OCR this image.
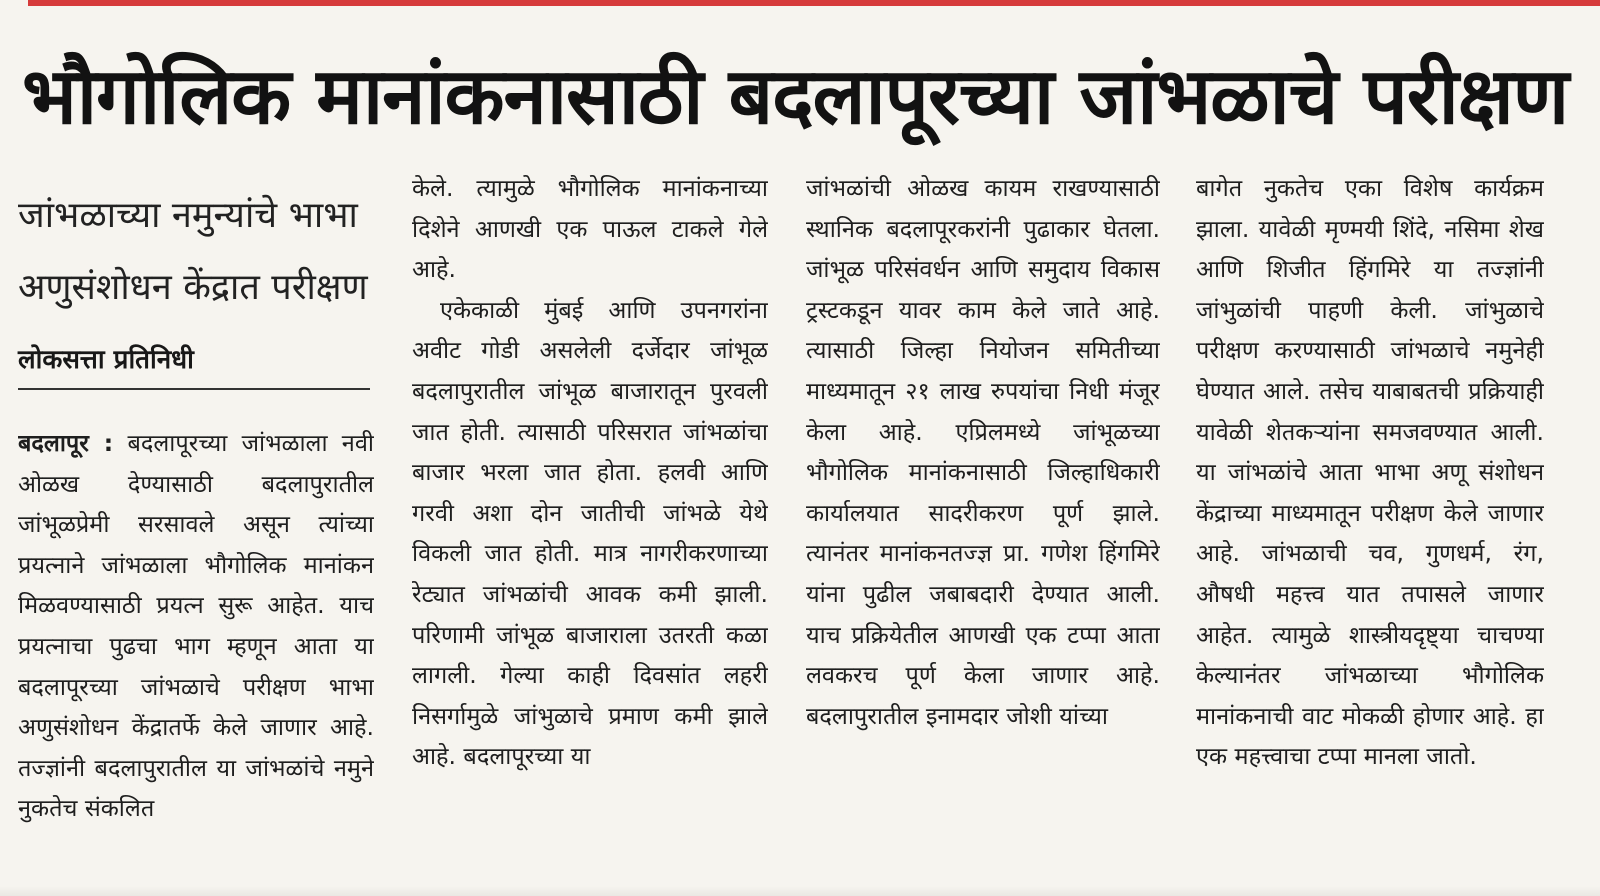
भौगोलिक मानांकनासाठी बदलापूरच्या जांभळाचे परीक्षण
जांभळाच्या नमुन्यांचे भाभा अणुसंशोधन केंद्रात परीक्षण
लोकसत्ता प्रतिनिधी

बदलापूर : बदलापूरच्या जांभळाला नवी ओळख देण्यासाठी बदलापुरातील जांभूळप्रेमी सरसावले असून त्यांच्या प्रयत्नाने जांभळाला भौगोलिक मानांकन मिळवण्यासाठी प्रयत्न सुरू आहेत. याच प्रयत्नाचा पुढचा भाग म्हणून आता या बदलापूरच्या जांभळाचे परीक्षण भाभा अणुसंशोधन केंद्रातर्फे केले जाणार आहे. तज्ज्ञांनी बदलापुरातील या जांभळांचे नमुने नुकतेच संकलित

केले. त्यामुळे भौगोलिक मानांकनाच्या दिशेने आणखी एक पाऊल टाकले गेले आहे.

एकेकाळी मुंबई आणि उपनगरांना अवीट गोडी असलेली दर्जेदार जांभूळ बदलापुरातील जांभूळ बाजारातून पुरवली जात होती. त्यासाठी परिसरात जांभळांचा बाजार भरला जात होता. हलवी आणि गरवी अशा दोन जातीची जांभळे येथे विकली जात होती. मात्र नागरीकरणाच्या रेट्यात जांभळांची आवक कमी झाली. परिणामी जांभूळ बाजाराला उतरती कळा लागली. गेल्या काही दिवसांत लहरी निसर्गामुळे जांभुळाचे प्रमाण कमी झाले आहे. बदलापूरच्या या

जांभळांची ओळख कायम राखण्यासाठी स्थानिक बदलापूरकरांनी पुढाकार घेतला. जांभूळ परिसंवर्धन आणि समुदाय विकास ट्रस्टकडून यावर काम केले जाते आहे. त्यासाठी जिल्हा नियोजन समितीच्या माध्यमातून २१ लाख रुपयांचा निधी मंजूर केला आहे. एप्रिलमध्ये जांभूळच्या भौगोलिक मानांकनासाठी जिल्हाधिकारी कार्यालयात सादरीकरण पूर्ण झाले. त्यानंतर मानांकनतज्ज्ञ प्रा. गणेश हिंगमिरे यांना पुढील जबाबदारी देण्यात आली. याच प्रक्रियेतील आणखी एक टप्पा आता लवकरच पूर्ण केला जाणार आहे. बदलापुरातील इनामदार जोशी यांच्या

बागेत नुकतेच एका विशेष कार्यक्रम झाला. यावेळी मृण्मयी शिंदे, नसिमा शेख आणि शिजीत हिंगमिरे या तज्ज्ञांनी जांभुळांची पाहणी केली. जांभुळाचे परीक्षण करण्यासाठी जांभळाचे नमुनेही घेण्यात आले. तसेच याबाबतची प्रक्रियाही यावेळी शेतकऱ्यांना समजवण्यात आली. या जांभळांचे आता भाभा अणू संशोधन केंद्राच्या माध्यमातून परीक्षण केले जाणार आहे. जांभळाची चव, गुणधर्म, रंग, औषधी महत्त्व यात तपासले जाणार आहेत. त्यामुळे शास्त्रीयदृष्ट्या चाचण्या केल्यानंतर जांभळाच्या भौगोलिक मानांकनाची वाट मोकळी होणार आहे. हा एक महत्त्वाचा टप्पा मानला जातो.
